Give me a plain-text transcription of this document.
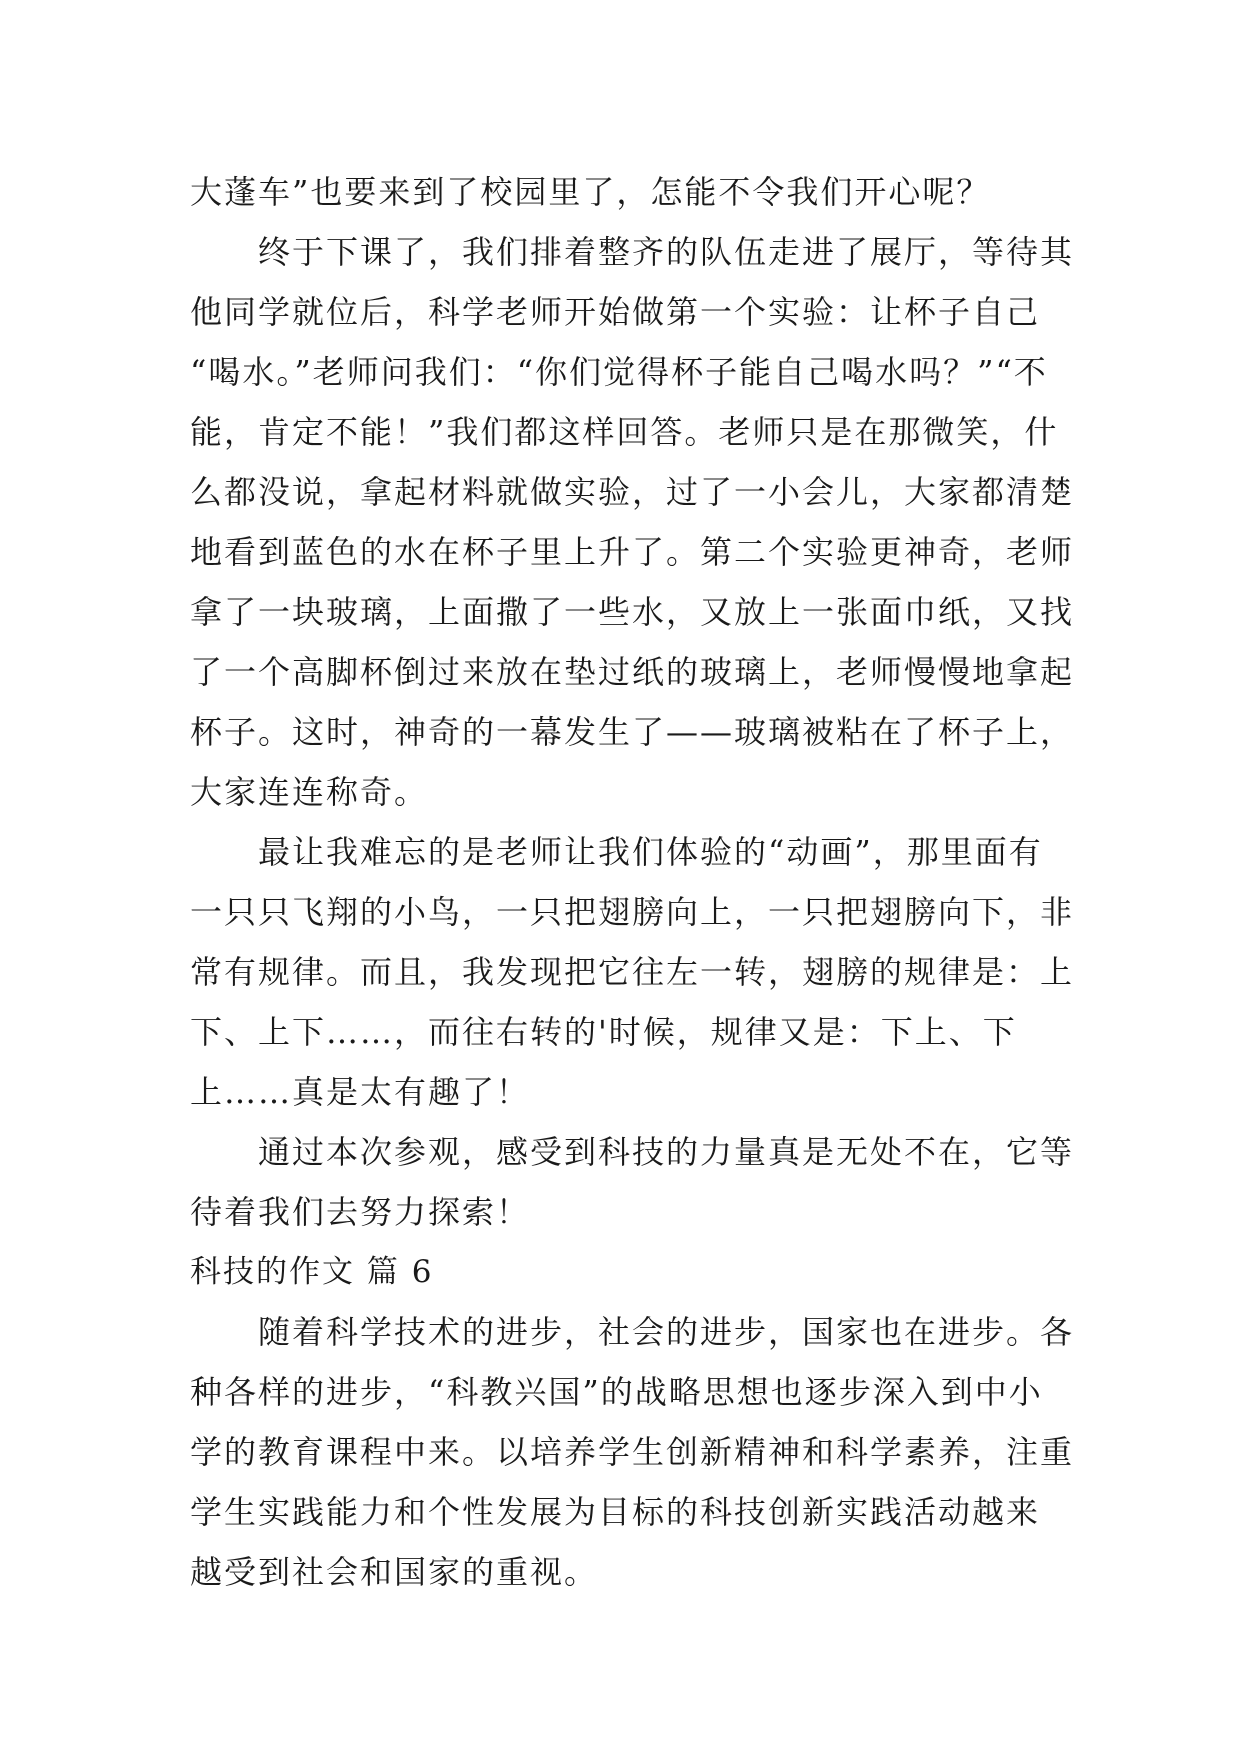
大蓬车”也要来到了校园里了，怎能不令我们开心呢？
　　终于下课了，我们排着整齐的队伍走进了展厅，等待其
他同学就位后，科学老师开始做第一个实验：让杯子自己
“喝水。”老师问我们：“你们觉得杯子能自己喝水吗？”“不
能，肯定不能！”我们都这样回答。老师只是在那微笑，什
么都没说，拿起材料就做实验，过了一小会儿，大家都清楚
地看到蓝色的水在杯子里上升了。第二个实验更神奇，老师
拿了一块玻璃，上面撒了一些水，又放上一张面巾纸，又找
了一个高脚杯倒过来放在垫过纸的玻璃上，老师慢慢地拿起
杯子。这时，神奇的一幕发生了——玻璃被粘在了杯子上，
大家连连称奇。
　　最让我难忘的是老师让我们体验的“动画”，那里面有
一只只飞翔的小鸟，一只把翅膀向上，一只把翅膀向下，非
常有规律。而且，我发现把它往左一转，翅膀的规律是：上
下、上下……，而往右转的'时候，规律又是：下上、下
上……真是太有趣了！
　　通过本次参观，感受到科技的力量真是无处不在，它等
待着我们去努力探索！
科技的作文 篇 6
　　随着科学技术的进步，社会的进步，国家也在进步。各
种各样的进步，“科教兴国”的战略思想也逐步深入到中小
学的教育课程中来。以培养学生创新精神和科学素养，注重
学生实践能力和个性发展为目标的科技创新实践活动越来
越受到社会和国家的重视。
